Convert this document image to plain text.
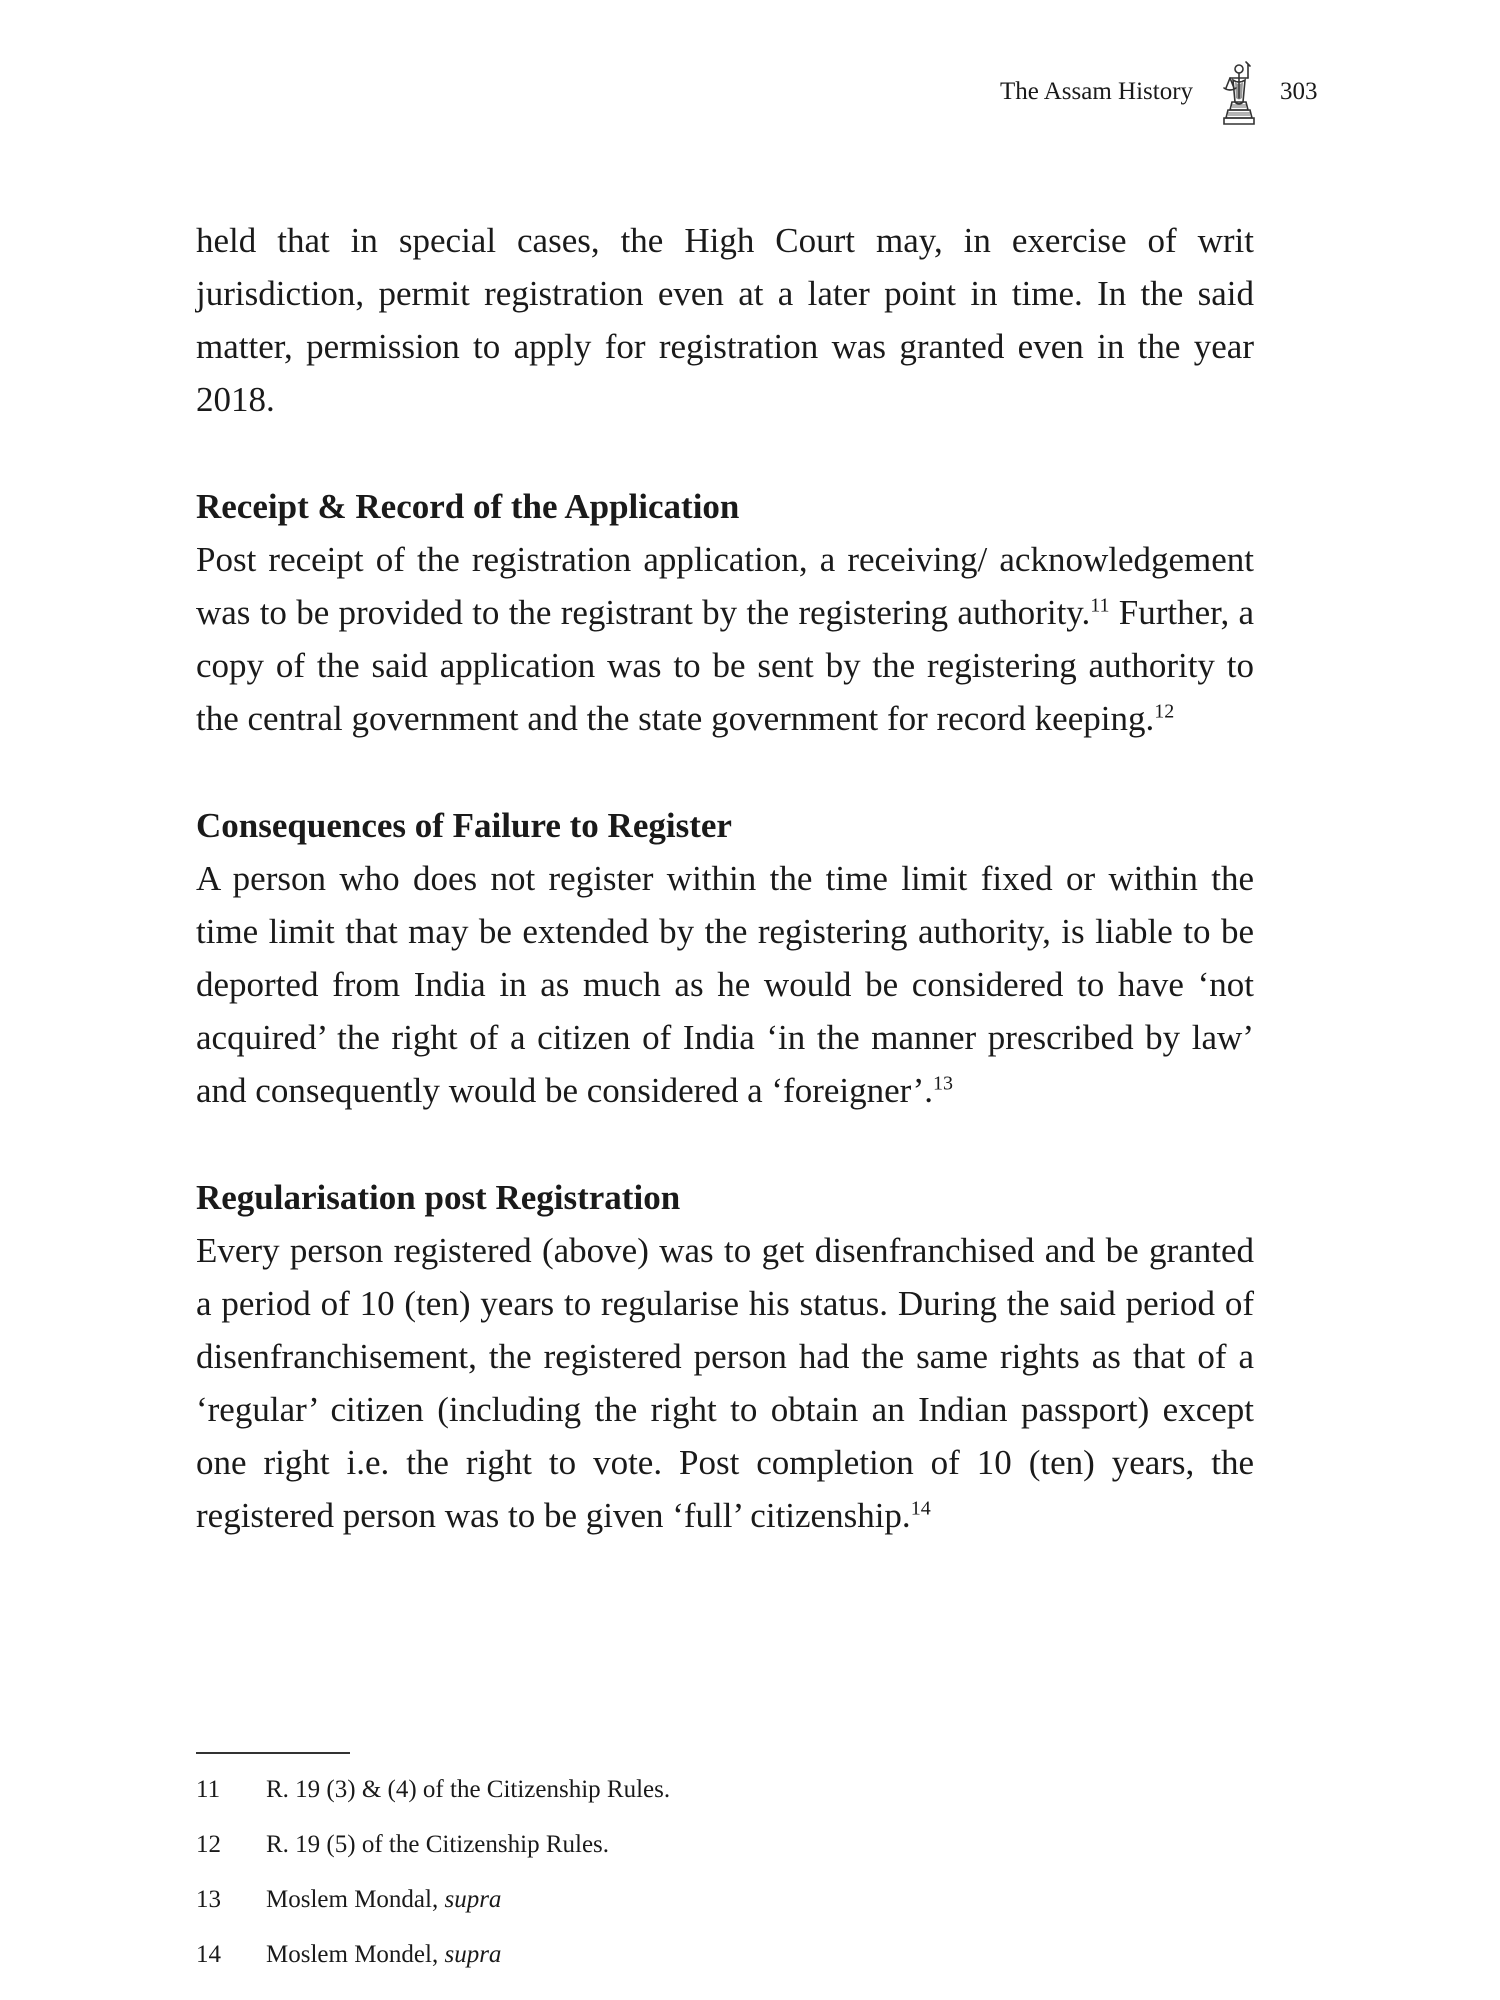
The Assam History	303

held that in special cases, the High Court may, in exercise of writ jurisdiction, permit registration even at a later point in time. In the said matter, permission to apply for registration was granted even in the year 2018.

Receipt & Record of the Application

Post receipt of the registration application, a receiving/ acknowledgement was to be provided to the registrant by the registering authority.$^{11}$ Further, a copy of the said application was to be sent by the registering authority to the central government and the state government for record keeping.$^{12}$

Consequences of Failure to Register

A person who does not register within the time limit fixed or within the time limit that may be extended by the registering authority, is liable to be deported from India in as much as he would be considered to have ‘not acquired’ the right of a citizen of India ‘in the manner prescribed by law’ and consequently would be considered a ‘foreigner’.$^{13}$

Regularisation post Registration

Every person registered (above) was to get disenfranchised and be granted a period of 10 (ten) years to regularise his status. During the said period of disenfranchisement, the registered person had the same rights as that of a ‘regular’ citizen (including the right to obtain an Indian passport) except one right i.e. the right to vote. Post completion of 10 (ten) years, the registered person was to be given ‘full’ citizenship.$^{14}$

11	R. 19 (3) & (4) of the Citizenship Rules.
12	R. 19 (5) of the Citizenship Rules.
13	Moslem Mondal, supra
14	Moslem Mondel, supra
